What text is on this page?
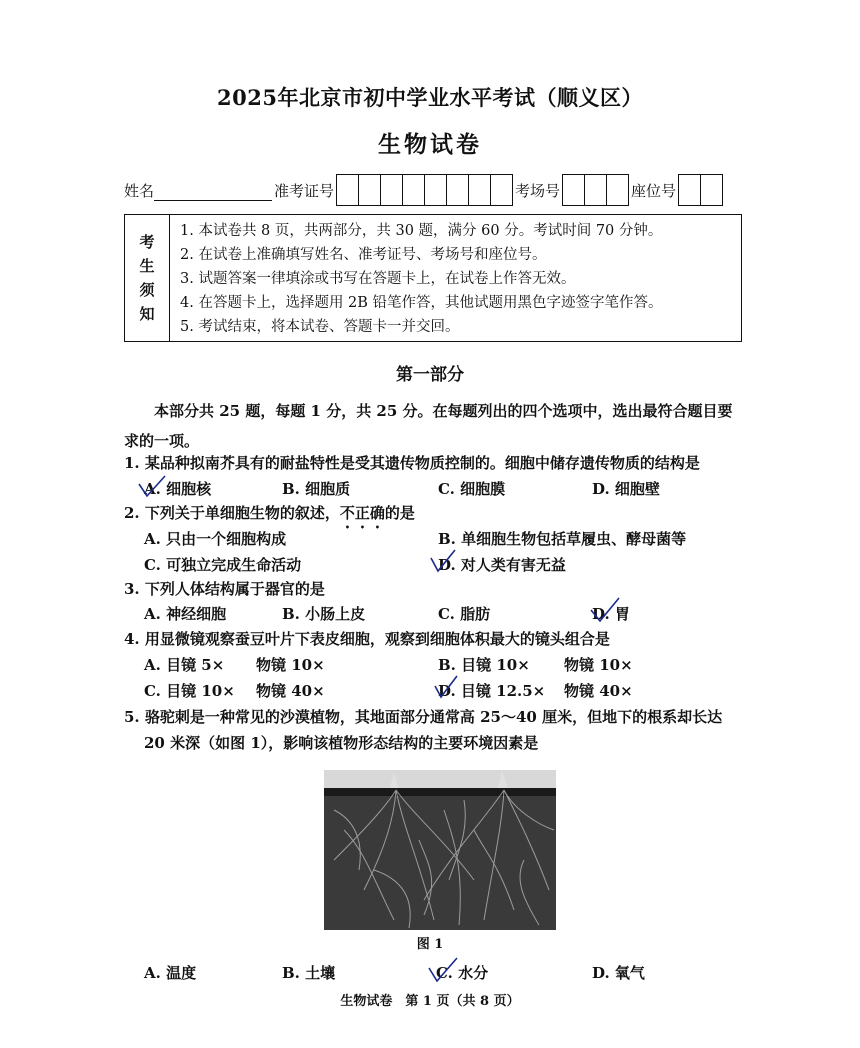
2025年北京市初中学业水平考试（顺义区）
生物试卷
姓名	准考证号	考场号	座位号
考
生
须
知
1. 本试卷共 8 页，共两部分，共 30 题，满分 60 分。考试时间 70 分钟。
2. 在试卷上准确填写姓名、准考证号、考场号和座位号。
3. 试题答案一律填涂或书写在答题卡上，在试卷上作答无效。
4. 在答题卡上，选择题用 2B 铅笔作答，其他试题用黑色字迹签字笔作答。
5. 考试结束，将本试卷、答题卡一并交回。
第一部分
本部分共 25 题，每题 1 分，共 25 分。在每题列出的四个选项中，选出最符合题目要求的一项。
1. 某品种拟南芥具有的耐盐特性是受其遗传物质控制的。细胞中储存遗传物质的结构是
A. 细胞核	B. 细胞质	C. 细胞膜	D. 细胞壁
2. 下列关于单细胞生物的叙述，不正确的是
A. 只由一个细胞构成	B. 单细胞生物包括草履虫、酵母菌等
C. 可独立完成生命活动	D. 对人类有害无益
3. 下列人体结构属于器官的是
A. 神经细胞	B. 小肠上皮	C. 脂肪	D. 胃
4. 用显微镜观察蚕豆叶片下表皮细胞，观察到细胞体积最大的镜头组合是
A. 目镜 5× 物镜 10×	B. 目镜 10× 物镜 10×
C. 目镜 10× 物镜 40×	D. 目镜 12.5× 物镜 40×
5. 骆驼刺是一种常见的沙漠植物，其地面部分通常高 25～40 厘米，但地下的根系却长达
20 米深（如图 1），影响该植物形态结构的主要环境因素是
图 1
A. 温度	B. 土壤	C. 水分	D. 氧气
生物试卷　第 1 页（共 8 页）
